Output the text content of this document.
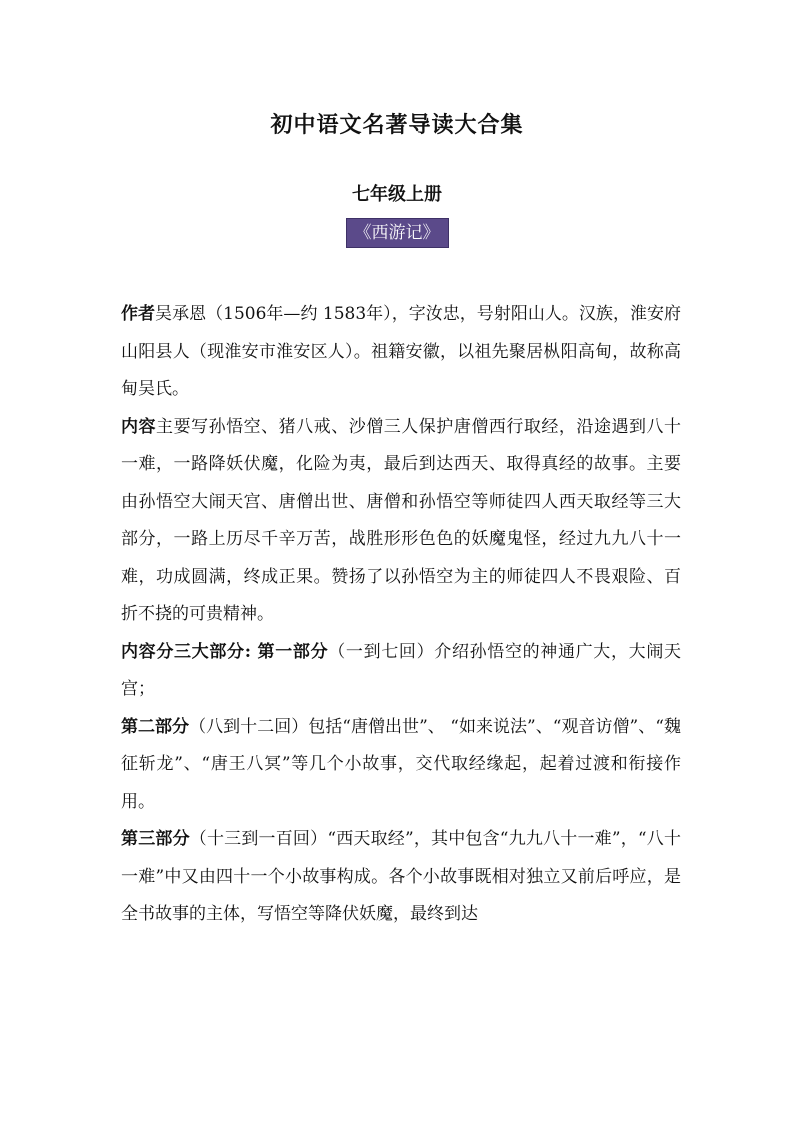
初中语文名著导读大合集
七年级上册
《西游记》

作者吴承恩（1506年—约 1583年），字汝忠，号射阳山人。汉族，淮安府山阳县人（现淮安市淮安区人）。祖籍安徽，以祖先聚居枞阳高甸，故称高甸吴氏。

内容主要写孙悟空、猪八戒、沙僧三人保护唐僧西行取经，沿途遇到八十一难，一路降妖伏魔，化险为夷，最后到达西天、取得真经的故事。主要由孙悟空大闹天宫、唐僧出世、唐僧和孙悟空等师徒四人西天取经等三大部分，一路上历尽千辛万苦，战胜形形色色的妖魔鬼怪，经过九九八十一难，功成圆满，终成正果。赞扬了以孙悟空为主的师徒四人不畏艰险、百折不挠的可贵精神。

内容分三大部分: 第一部分（一到七回）介绍孙悟空的神通广大，大闹天宫；

第二部分（八到十二回）包括“唐僧出世”、 “如来说法”、“观音访僧”、“魏征斩龙”、“唐王八冥”等几个小故事，交代取经缘起，起着过渡和衔接作用。

第三部分（十三到一百回）“西天取经”，其中包含“九九八十一难”，“八十一难”中又由四十一个小故事构成。各个小故事既相对独立又前后呼应，是全书故事的主体，写悟空等降伏妖魔，最终到达
